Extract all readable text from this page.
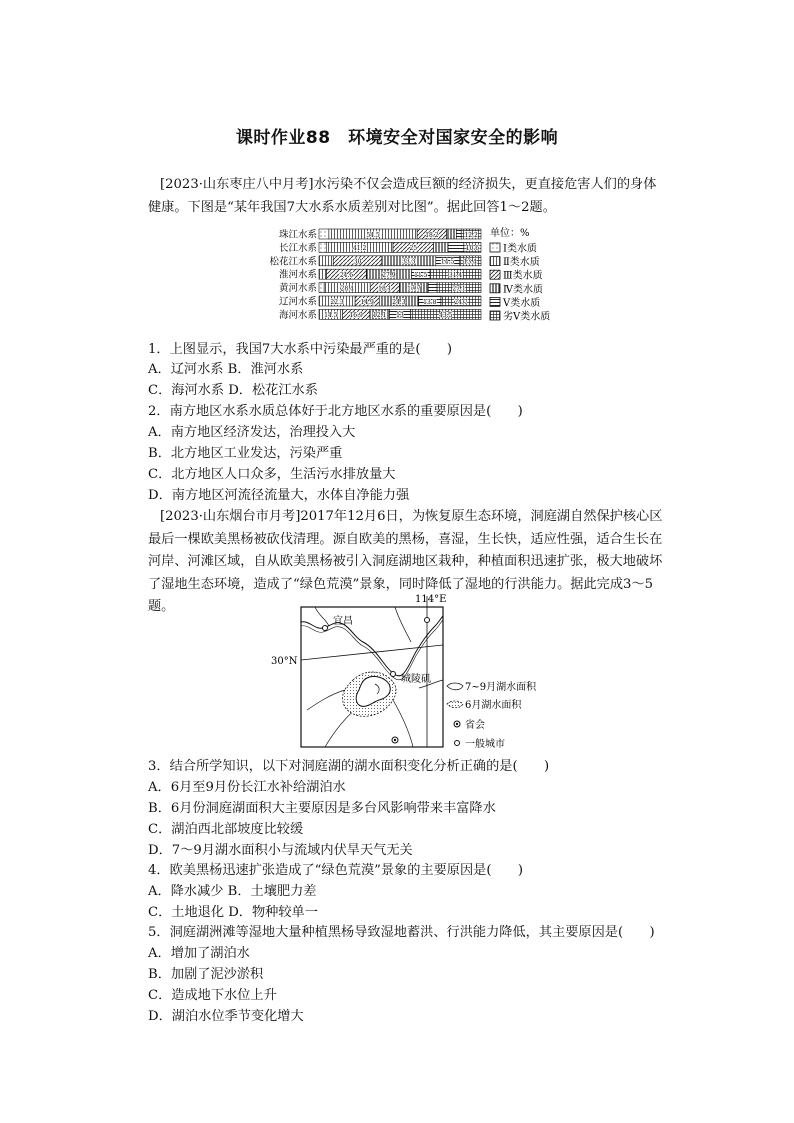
课时作业88　环境安全对国家安全的影响
[2023·山东枣庄八中月考]水污染不仅会造成巨额的经济损失，更直接危害人们的身体健康。下图是“某年我国7大水系水质差别对比图”。据此回答1～2题。
珠江水系	54.5	18.2	12.2
长江水系	41.2	25	10.6
松花江水系	30	33.3	14.5 13.4
淮河水系	24.6	27.9	11.5	31.4
黄河水系	28.4	18.1	17.7	27.1
辽河水系 22.3	14.9	24.3	13.8	24.7
海河水系 14.5 16.9 12.1 13	43.5
Ⅰ类水质
Ⅱ类水质
Ⅲ类水质
Ⅳ类水质
Ⅴ类水质
劣Ⅴ类水质
单位：%
1．上图显示，我国7大水系中污染最严重的是(　　)
A．辽河水系 B．淮河水系
C．海河水系 D．松花江水系
2．南方地区水系水质总体好于北方地区水系的重要原因是(　　)
A．南方地区经济发达，治理投入大
B．北方地区工业发达，污染严重
C．北方地区人口众多，生活污水排放量大
D．南方地区河流径流量大，水体自净能力强
[2023·山东烟台市月考]2017年12月6日，为恢复原生态环境，洞庭湖自然保护核心区最后一棵欧美黑杨被砍伐清理。源自欧美的黑杨，喜湿，生长快，适应性强，适合生长在河岸、河滩区域，自从欧美黑杨被引入洞庭湖地区栽种，种植面积迅速扩张，极大地破坏了湿地生态环境，造成了“绿色荒漠”景象，同时降低了湿地的行洪能力。据此完成3～5题。	114°E
30°N
宜昌
城陵矶
7~9月湖水面积
6月湖水面积
省会
一般城市
3．结合所学知识，以下对洞庭湖的湖水面积变化分析正确的是(　　)
A．6月至9月份长江水补给湖泊水
B．6月份洞庭湖面积大主要原因是多台风影响带来丰富降水
C．湖泊西北部坡度比较缓
D．7～9月湖水面积小与流域内伏旱天气无关
4．欧美黑杨迅速扩张造成了“绿色荒漠”景象的主要原因是(　　)
A．降水减少 B．土壤肥力差
C．土地退化 D．物种较单一
5．洞庭湖洲滩等湿地大量种植黑杨导致湿地蓄洪、行洪能力降低，其主要原因是(　　)
A．增加了湖泊水
B．加剧了泥沙淤积
C．造成地下水位上升
D．湖泊水位季节变化增大
